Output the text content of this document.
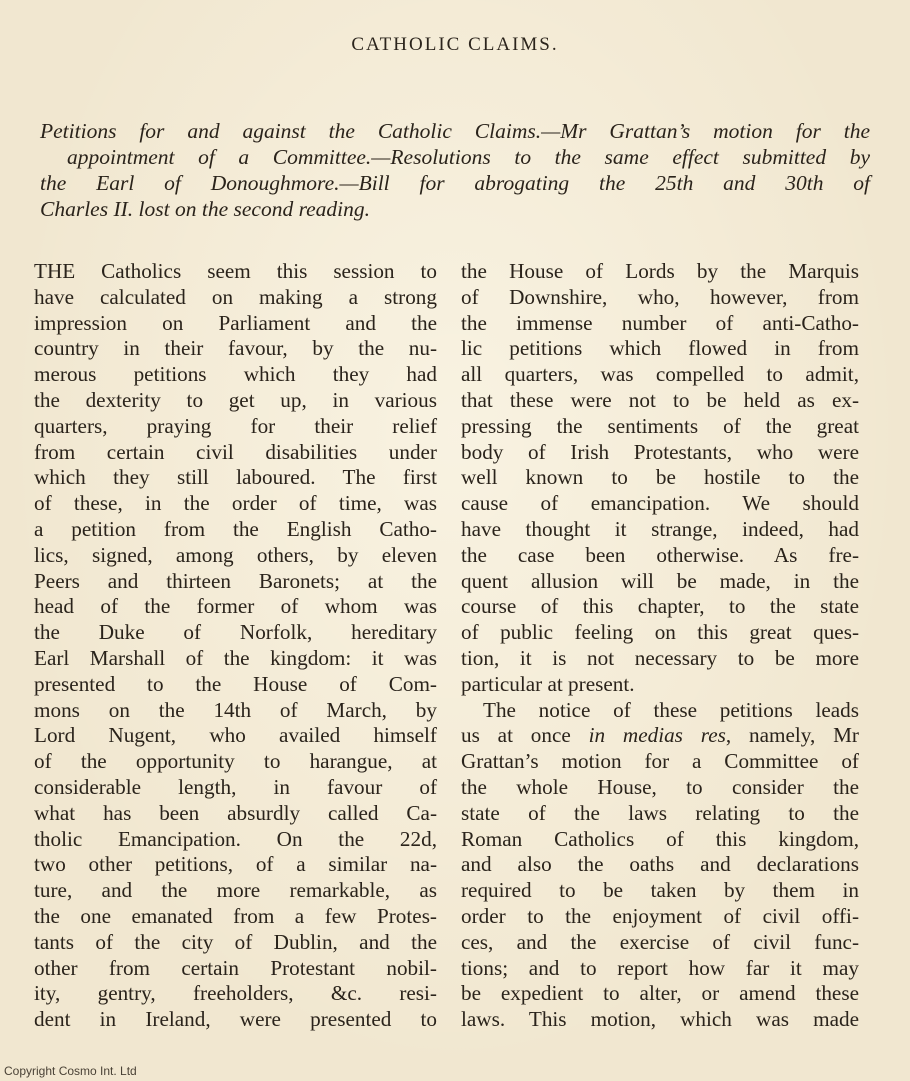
CATHOLIC CLAIMS.
Petitions for and against the Catholic Claims.—Mr Grattan’s motion for the
appointment of a Committee.—Resolutions to the same effect submitted by
the Earl of Donoughmore.—Bill for abrogating the 25th and 30th of
Charles II. lost on the second reading.
THE Catholics seem this session to
have calculated on making a strong
impression on Parliament and the
country in their favour, by the nu-
merous petitions which they had
the dexterity to get up, in various
quarters, praying for their relief
from certain civil disabilities under
which they still laboured. The first
of these, in the order of time, was
a petition from the English Catho-
lics, signed, among others, by eleven
Peers and thirteen Baronets; at the
head of the former of whom was
the Duke of Norfolk, hereditary
Earl Marshall of the kingdom: it was
presented to the House of Com-
mons on the 14th of March, by
Lord Nugent, who availed himself
of the opportunity to harangue, at
considerable length, in favour of
what has been absurdly called Ca-
tholic Emancipation. On the 22d,
two other petitions, of a similar na-
ture, and the more remarkable, as
the one emanated from a few Protes-
tants of the city of Dublin, and the
other from certain Protestant nobil-
ity, gentry, freeholders, &c. resi-
dent in Ireland, were presented to
the House of Lords by the Marquis
of Downshire, who, however, from
the immense number of anti-Catho-
lic petitions which flowed in from
all quarters, was compelled to admit,
that these were not to be held as ex-
pressing the sentiments of the great
body of Irish Protestants, who were
well known to be hostile to the
cause of emancipation. We should
have thought it strange, indeed, had
the case been otherwise. As fre-
quent allusion will be made, in the
course of this chapter, to the state
of public feeling on this great ques-
tion, it is not necessary to be more
particular at present.
The notice of these petitions leads
us at once in medias res, namely, Mr
Grattan’s motion for a Committee of
the whole House, to consider the
state of the laws relating to the
Roman Catholics of this kingdom,
and also the oaths and declarations
required to be taken by them in
order to the enjoyment of civil offi-
ces, and the exercise of civil func-
tions; and to report how far it may
be expedient to alter, or amend these
laws. This motion, which was made
Copyright Cosmo Int. Ltd
